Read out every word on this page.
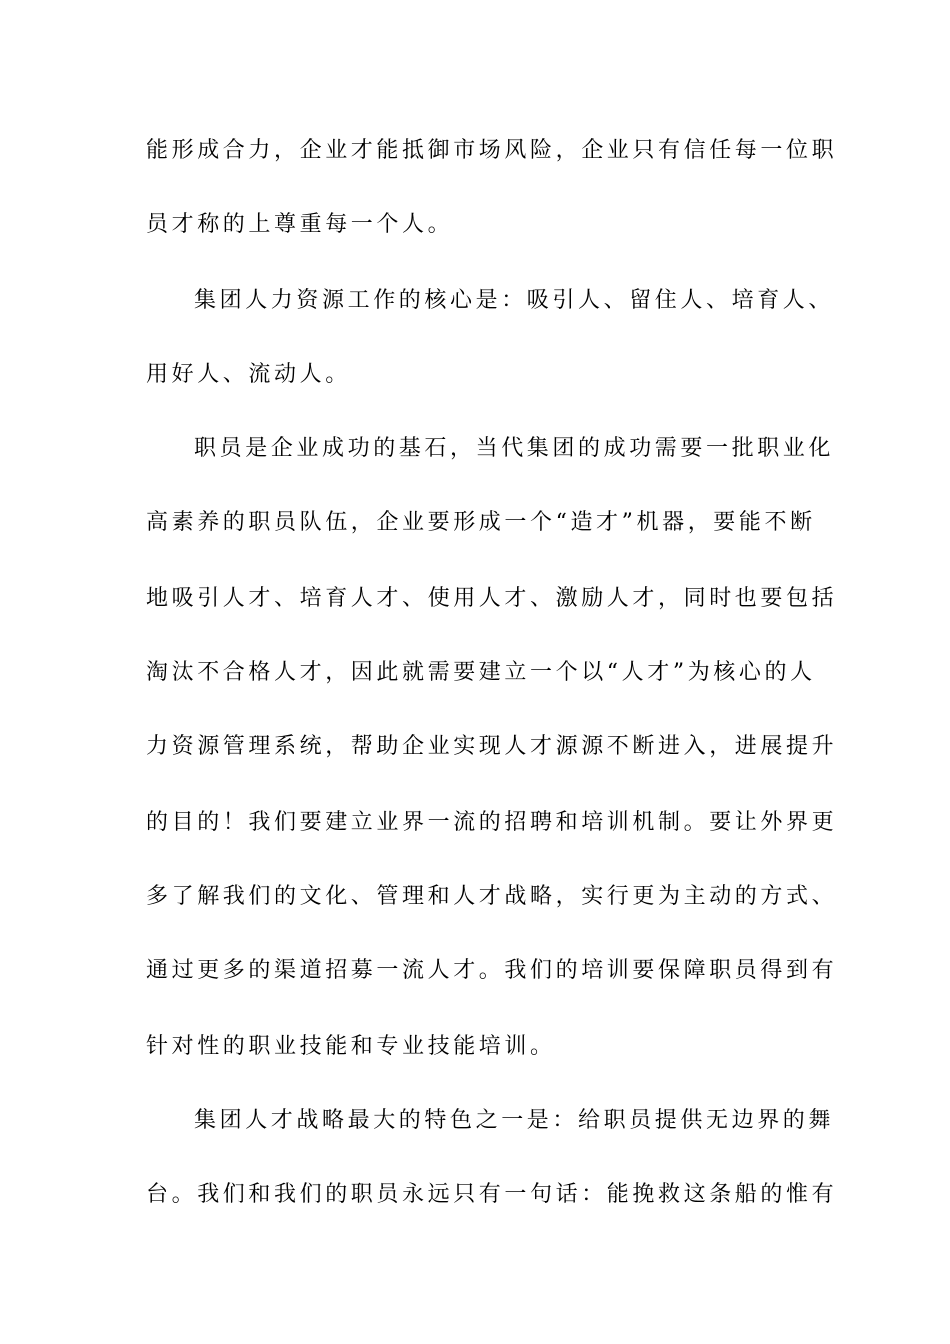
能形成合力，企业才能抵御市场风险，企业只有信任每一位职
员才称的上尊重每一个人。
集团人力资源工作的核心是：吸引人、留住人、培育人、
用好人、流动人。
职员是企业成功的基石，当代集团的成功需要一批职业化
高素养的职员队伍，企业要形成一个“造才”机器，要能不断
地吸引人才、培育人才、使用人才、激励人才，同时也要包括
淘汰不合格人才，因此就需要建立一个以“人才”为核心的人
力资源管理系统，帮助企业实现人才源源不断进入，进展提升
的目的！我们要建立业界一流的招聘和培训机制。要让外界更
多了解我们的文化、管理和人才战略，实行更为主动的方式、
通过更多的渠道招募一流人才。我们的培训要保障职员得到有
针对性的职业技能和专业技能培训。
集团人才战略最大的特色之一是：给职员提供无边界的舞
台。我们和我们的职员永远只有一句话：能挽救这条船的惟有
